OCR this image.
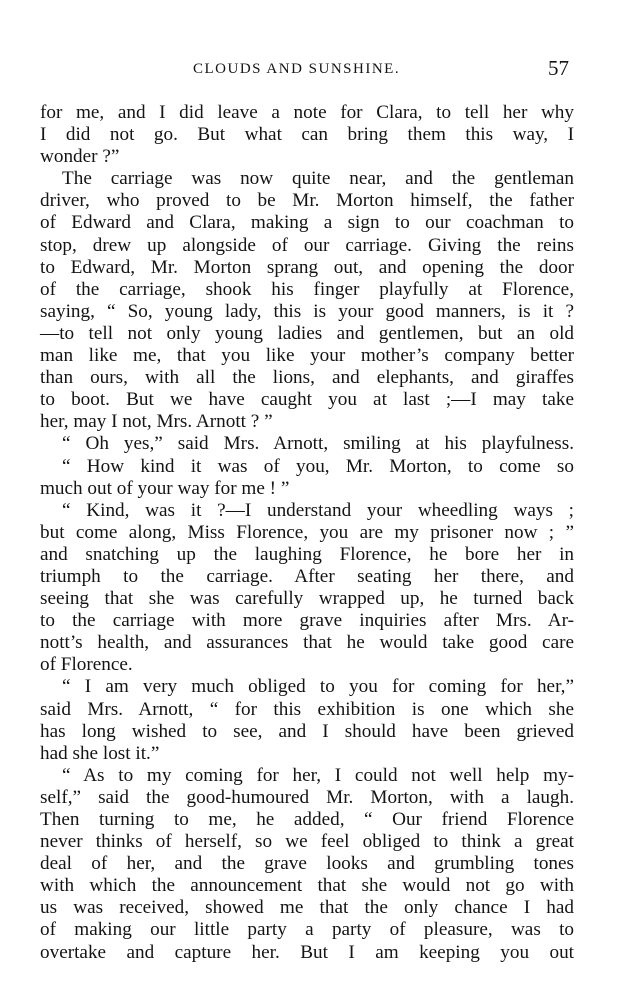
CLOUDS AND SUNSHINE.	57
for me, and I did leave a note for Clara, to tell her why
I did not go. But what can bring them this way, I
wonder ?”
The carriage was now quite near, and the gentleman
driver, who proved to be Mr. Morton himself, the father
of Edward and Clara, making a sign to our coachman to
stop, drew up alongside of our carriage. Giving the reins
to Edward, Mr. Morton sprang out, and opening the door
of the carriage, shook his finger playfully at Florence,
saying, “ So, young lady, this is your good manners, is it ?
—to tell not only young ladies and gentlemen, but an old
man like me, that you like your mother’s company better
than ours, with all the lions, and elephants, and giraffes
to boot. But we have caught you at last ;—I may take
her, may I not, Mrs. Arnott ? ”
“ Oh yes,” said Mrs. Arnott, smiling at his playfulness.
“ How kind it was of you, Mr. Morton, to come so
much out of your way for me ! ”
“ Kind, was it ?—I understand your wheedling ways ;
but come along, Miss Florence, you are my prisoner now ; ”
and snatching up the laughing Florence, he bore her in
triumph to the carriage. After seating her there, and
seeing that she was carefully wrapped up, he turned back
to the carriage with more grave inquiries after Mrs. Ar-
nott’s health, and assurances that he would take good care
of Florence.
“ I am very much obliged to you for coming for her,”
said Mrs. Arnott, “ for this exhibition is one which she
has long wished to see, and I should have been grieved
had she lost it.”
“ As to my coming for her, I could not well help my-
self,” said the good-humoured Mr. Morton, with a laugh.
Then turning to me, he added, “ Our friend Florence
never thinks of herself, so we feel obliged to think a great
deal of her, and the grave looks and grumbling tones
with which the announcement that she would not go with
us was received, showed me that the only chance I had
of making our little party a party of pleasure, was to
overtake and capture her. But I am keeping you out
